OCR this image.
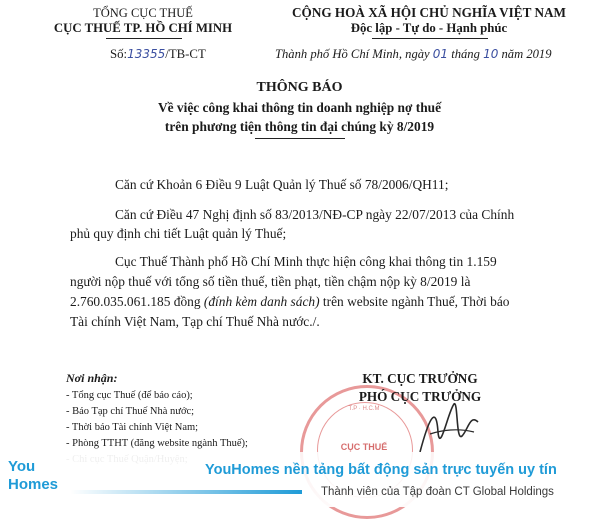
TỔNG CỤC THUẾ
CỤC THUẾ TP. HỒ CHÍ MINH
Số:13355/TB-CT
CỘNG HOÀ XÃ HỘI CHỦ NGHĨA VIỆT NAM
Độc lập - Tự do - Hạnh phúc
Thành phố Hồ Chí Minh, ngày 01 tháng 10 năm 2019
THÔNG BÁO
Về việc công khai thông tin doanh nghiệp nợ thuế
trên phương tiện thông tin đại chúng kỳ 8/2019
Căn cứ Khoản 6 Điều 9 Luật Quản lý Thuế số 78/2006/QH11;
Căn cứ Điều 47 Nghị định số 83/2013/NĐ-CP ngày 22/07/2013 của Chính
phủ quy định chi tiết Luật quản lý Thuế;
Cục Thuế Thành phố Hồ Chí Minh thực hiện công khai thông tin 1.159
người nộp thuế với tổng số tiền thuế, tiền phạt, tiền chậm nộp kỳ 8/2019 là
2.760.035.061.185 đồng (đính kèm danh sách) trên website ngành Thuế, Thời báo
Tài chính Việt Nam, Tạp chí Thuế Nhà nước./.
Nơi nhận:
- Tổng cục Thuế (để báo cáo);
- Báo Tạp chí Thuế Nhà nước;
- Thời báo Tài chính Việt Nam;
- Phòng TTHT (đăng website ngành Thuế);
T.P · H.C.M
CỤC THUẾ
KT. CỤC TRƯỞNG
PHÓ CỤC TRƯỞNG
You
Homes
YouHomes nền tảng bất động sản trực tuyến uy tín
Thành viên của Tập đoàn CT Global Holdings
